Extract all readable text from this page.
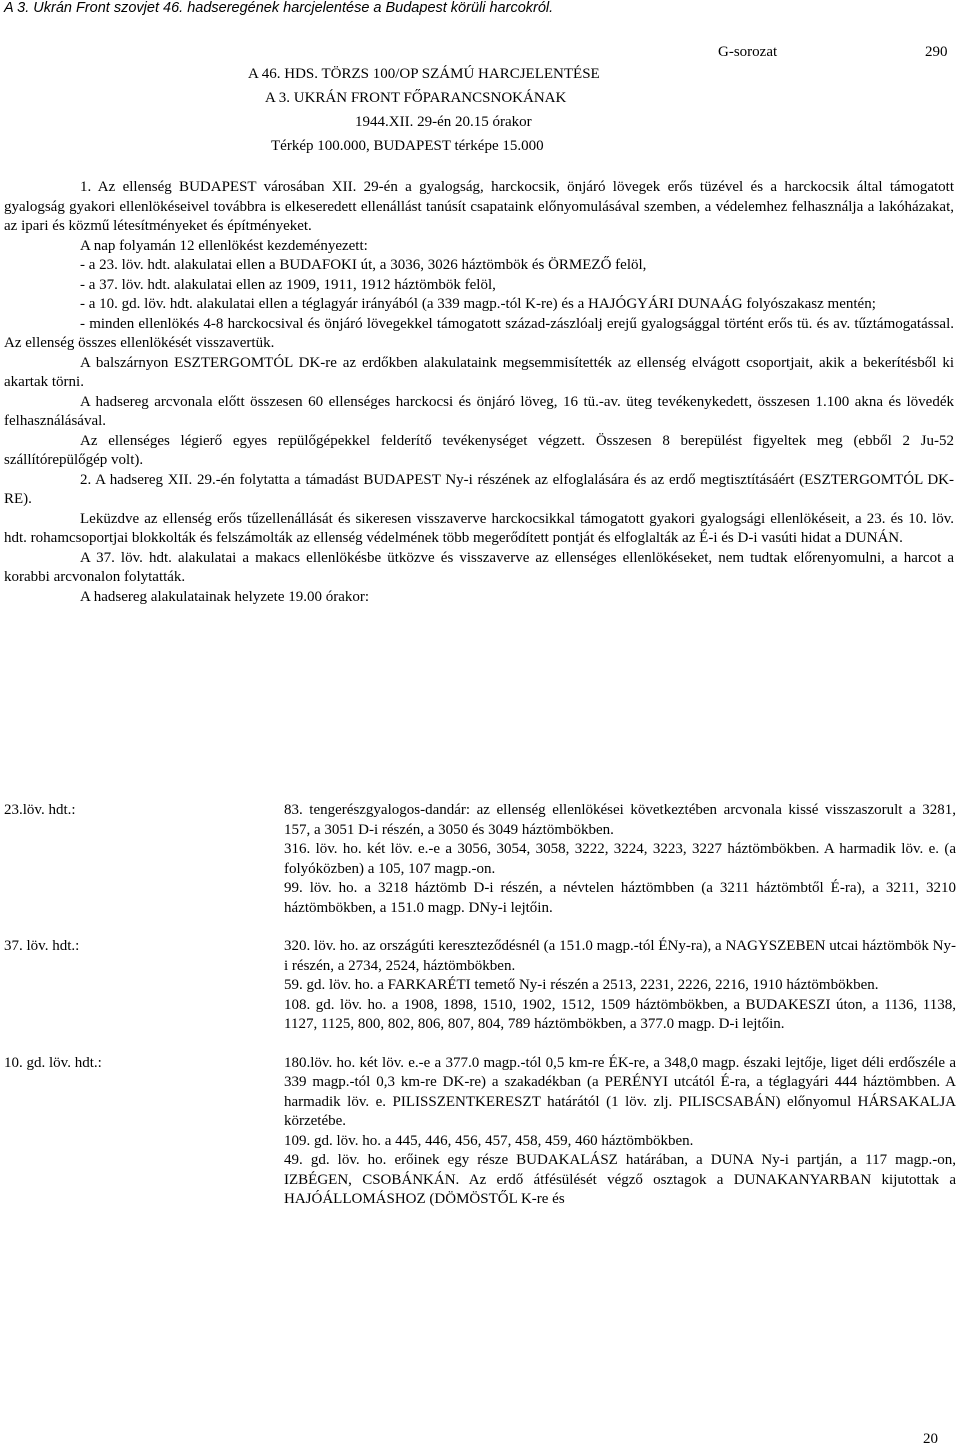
A 3. Ukrán Front szovjet 46. hadseregének harcjelentése a Budapest körüli harcokról.
G-sorozat	290
A 46. HDS. TÖRZS 100/OP SZÁMÚ HARCJELENTÉSE
A 3. UKRÁN FRONT FŐPARANCSNOKÁNAK
1944.XII. 29-én 20.15 órakor
Térkép 100.000, BUDAPEST térképe 15.000

1. Az ellenség BUDAPEST városában XII. 29-én a gyalogság, harckocsik, önjáró lövegek erős tüzével és a harckocsik által támogatott gyalogság gyakori ellenlökéseivel továbbra is elkeseredett ellenállást tanúsít csapataink előnyomulásával szemben, a védelemhez felhasználja a lakóházakat, az ipari és közmű létesítményeket és építményeket.

A nap folyamán 12 ellenlökést kezdeményezett:

- a 23. löv. hdt. alakulatai ellen a BUDAFOKI út, a 3036, 3026 háztömbök és ÖRMEZŐ felöl,

- a 37. löv. hdt. alakulatai ellen az 1909, 1911, 1912 háztömbök felöl,

- a 10. gd. löv. hdt. alakulatai ellen a téglagyár irányából (a 339 magp.-tól K-re) és a HAJÓGYÁRI DUNAÁG folyószakasz mentén;

- minden ellenlökés 4-8 harckocsival és önjáró lövegekkel támogatott század-zászlóalj erejű gyalogsággal történt erős tü. és av. tűztámogatással. Az ellenség összes ellenlökését visszavertük.

A balszárnyon ESZTERGOMTÓL DK-re az erdőkben alakulataink megsemmisítették az ellenség elvágott csoportjait, akik a bekerítésből ki akartak törni.

A hadsereg arcvonala előtt összesen 60 ellenséges harckocsi és önjáró löveg, 16 tü.-av. üteg tevékenykedett, összesen 1.100 akna és lövedék felhasználásával.

Az ellenséges légierő egyes repülőgépekkel felderítő tevékenységet végzett. Összesen 8 berepülést figyeltek meg (ebből 2 Ju-52 szállítórepülőgép volt).

2. A hadsereg XII. 29.-én folytatta a támadást BUDAPEST Ny-i részének az elfoglalására és az erdő megtisztításáért (ESZTERGOMTÓL DK-RE).

Leküzdve az ellenség erős tűzellenállását és sikeresen visszaverve harckocsikkal támogatott gyakori gyalogsági ellenlökéseit, a 23. és 10. löv. hdt. rohamcsoportjai blokkolták és felszámolták az ellenség védelmének több megerődített pontját és elfoglalták az É-i és D-i vasúti hidat a DUNÁN.

A 37. löv. hdt. alakulatai a makacs ellenlökésbe ütközve és visszaverve az ellenséges ellenlökéseket, nem tudtak előrenyomulni, a harcot a korabbi arcvonalon folytatták.

A hadsereg alakulatainak helyzete 19.00 órakor:

23.löv. hdt.:	83. tengerészgyalogos-dandár: az ellenség ellenlökései következtében arcvonala kissé visszaszorult a 3281, 157, a 3051 D-i részén, a 3050 és 3049 háztömbökben.

316. löv. ho. két löv. e.-e a 3056, 3054, 3058, 3222, 3224, 3223, 3227 háztömbökben. A harmadik löv. e. (a folyóközben) a 105, 107 magp.-on.

99. löv. ho. a 3218 háztömb D-i részén, a névtelen háztömbben (a 3211 háztömbtől É-ra), a 3211, 3210 háztömbökben, a 151.0 magp. DNy-i lejtőin.

37. löv. hdt.:	320. löv. ho. az országúti kereszteződésnél (a 151.0 magp.-tól ÉNy-ra), a NAGYSZEBEN utcai háztömbök Ny-i részén, a 2734, 2524, háztömbökben.

59. gd. löv. ho. a FARKARÉTI temető Ny-i részén a 2513, 2231, 2226, 2216, 1910 háztömbökben.

108. gd. löv. ho. a 1908, 1898, 1510, 1902, 1512, 1509 háztömbökben, a BUDAKESZI úton, a 1136, 1138, 1127, 1125, 800, 802, 806, 807, 804, 789 háztömbökben, a 377.0 magp. D-i lejtőin.

10. gd. löv. hdt.:	180.löv. ho. két löv. e.-e a 377.0 magp.-tól 0,5 km-re ÉK-re, a 348,0 magp. északi lejtője, liget déli erdőszéle a 339 magp.-tól 0,3 km-re DK-re) a szakadékban (a PERÉNYI utcától É-ra, a téglagyári 444 háztömbben. A harmadik löv. e. PILISSZENTKERESZT határától (1 löv. zlj. PILISCSABÁN) előnyomul HÁRSAKALJA körzetébe.

109. gd. löv. ho. a 445, 446, 456, 457, 458, 459, 460 háztömbökben.

49. gd. löv. ho. erőinek egy része BUDAKALÁSZ határában, a DUNA Ny-i partján, a 117 magp.-on, IZBÉGEN, CSOBÁNKÁN. Az erdő átfésülését végző osztagok a DUNAKANYARBAN kijutottak a HAJÓÁLLOMÁSHOZ (DÖMÖSTŐL K-re és

20
